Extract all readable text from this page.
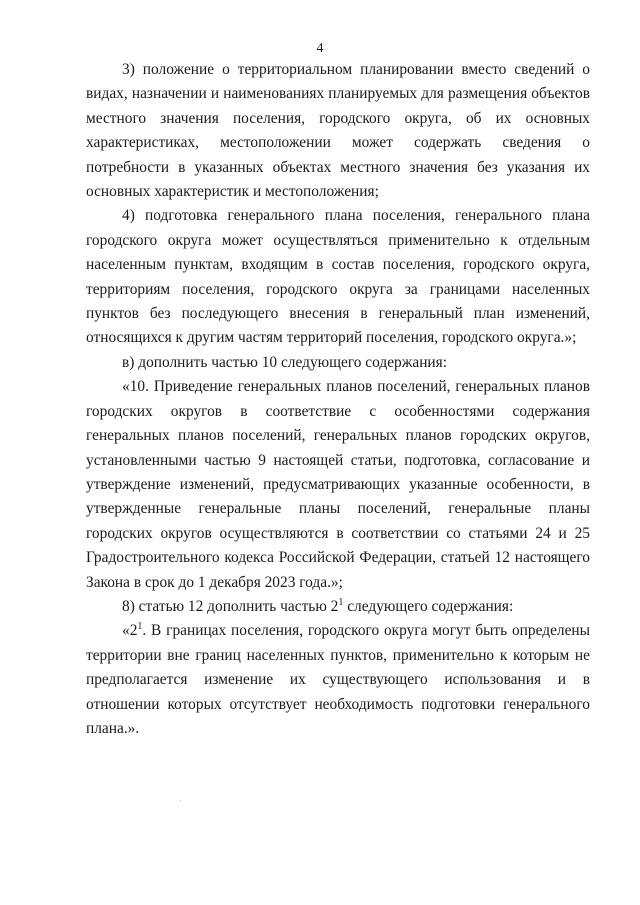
4

3) положение о территориальном планировании вместо сведений о видах, назначении и наименованиях планируемых для размещения объектов местного значения поселения, городского округа, об их основных характеристиках, местоположении может содержать сведения о потребности в указанных объектах местного значения без указания их основных характеристик и местоположения;

4) подготовка генерального плана поселения, генерального плана городского округа может осуществляться применительно к отдельным населенным пунктам, входящим в состав поселения, городского округа, территориям поселения, городского округа за границами населенных пунктов без последующего внесения в генеральный план изменений, относящихся к другим частям территорий поселения, городского округа.»;

в) дополнить частью 10 следующего содержания:

«10. Приведение генеральных планов поселений, генеральных планов городских округов в соответствие с особенностями содержания генеральных планов поселений, генеральных планов городских округов, установленными частью 9 настоящей статьи, подготовка, согласование и утверждение изменений, предусматривающих указанные особенности, в утвержденные генеральные планы поселений, генеральные планы городских округов осуществляются в соответствии со статьями 24 и 25 Градостроительного кодекса Российской Федерации, статьей 12 настоящего Закона в срок до 1 декабря 2023 года.»;

8) статью 12 дополнить частью $2^1$ следующего содержания:

«$2^1$. В границах поселения, городского округа могут быть определены территории вне границ населенных пунктов, применительно к которым не предполагается изменение их существующего использования и в отношении которых отсутствует необходимость подготовки генерального плана.».
